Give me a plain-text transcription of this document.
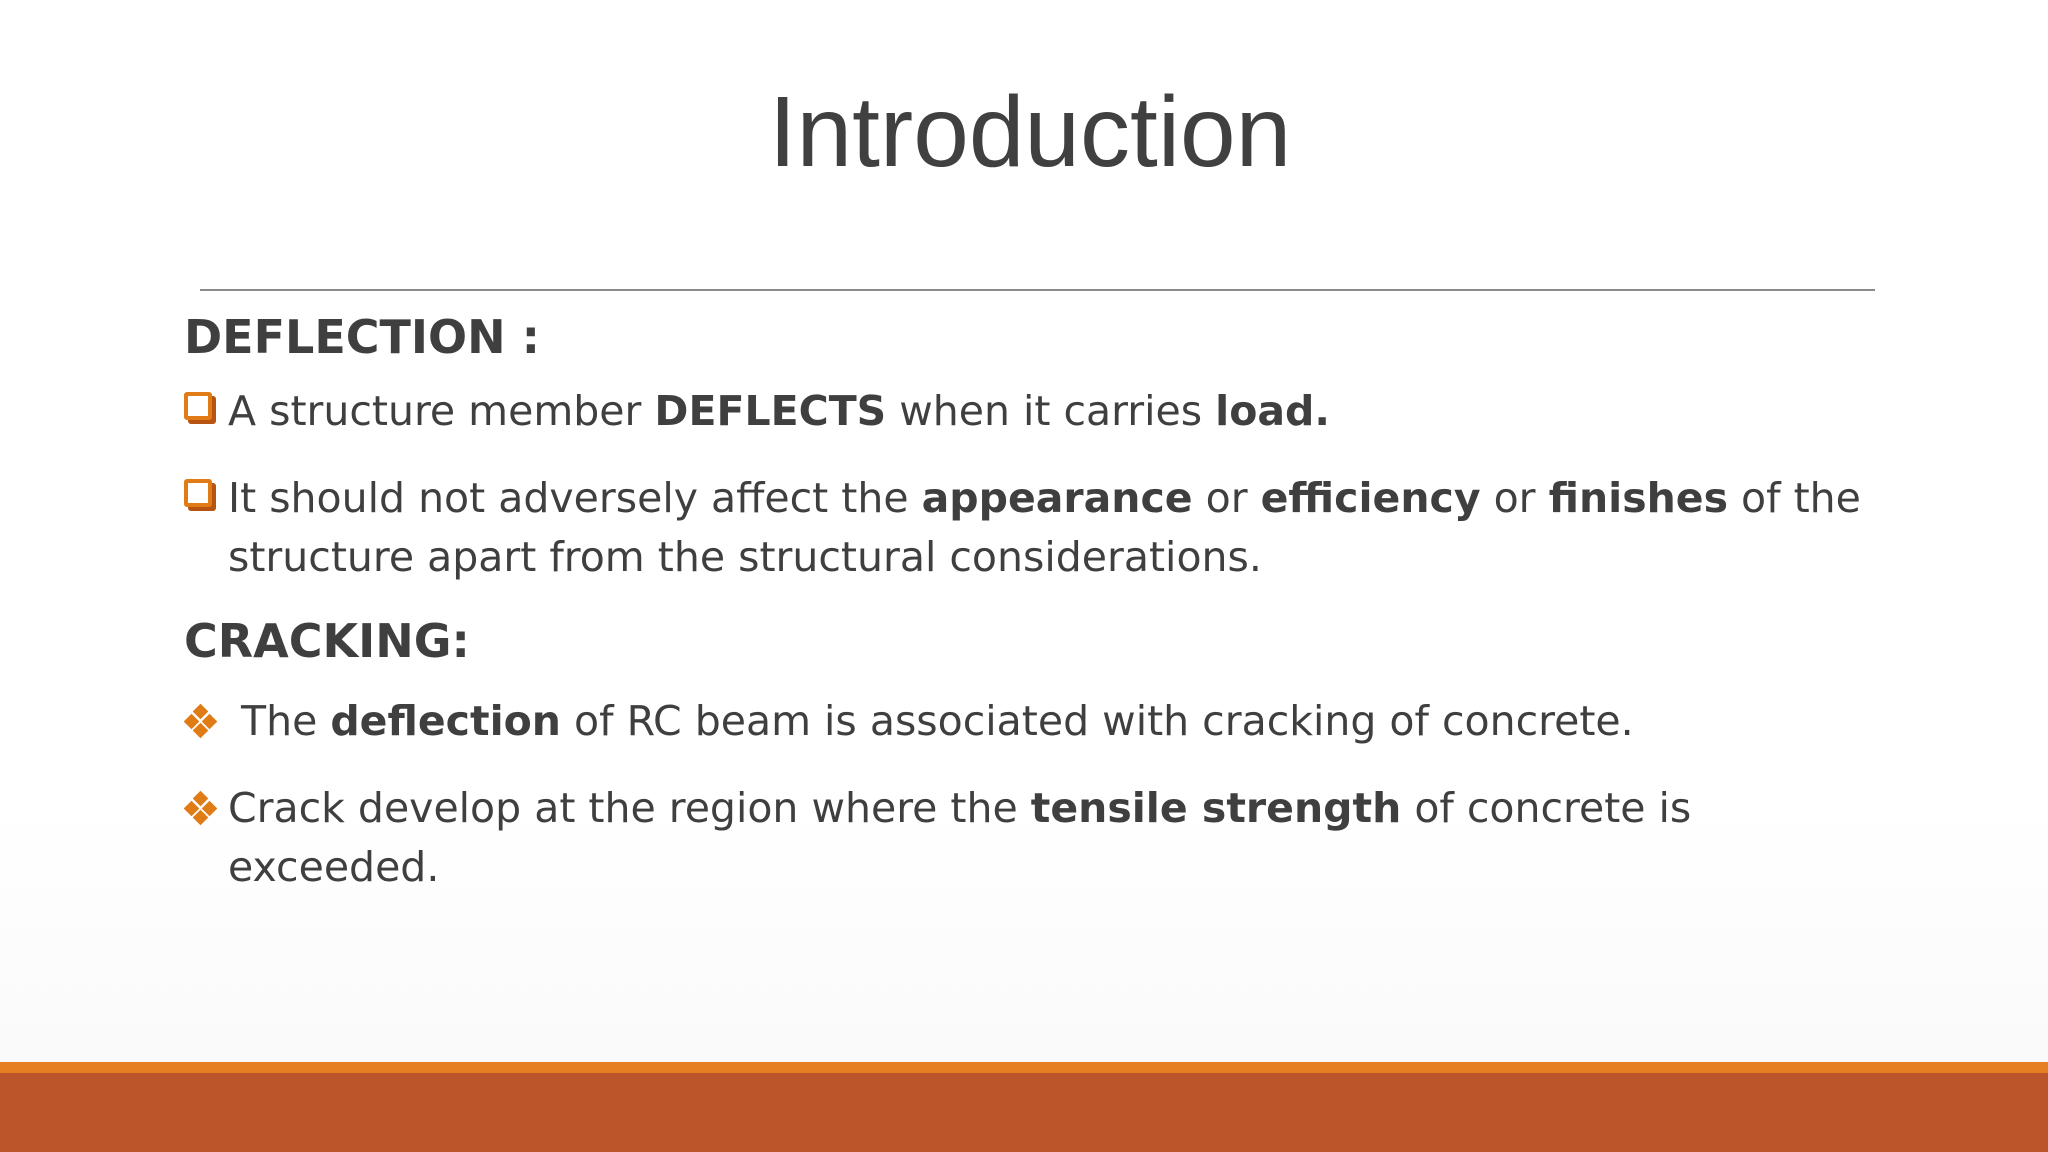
Introduction
DEFLECTION :
A structure member DEFLECTS when it carries load.
It should not adversely affect the appearance or efficiency or finishes of the structure apart from the structural considerations.
CRACKING:
The deflection of RC beam is associated with cracking of concrete.
Crack develop at the region where the tensile strength of concrete is exceeded.
